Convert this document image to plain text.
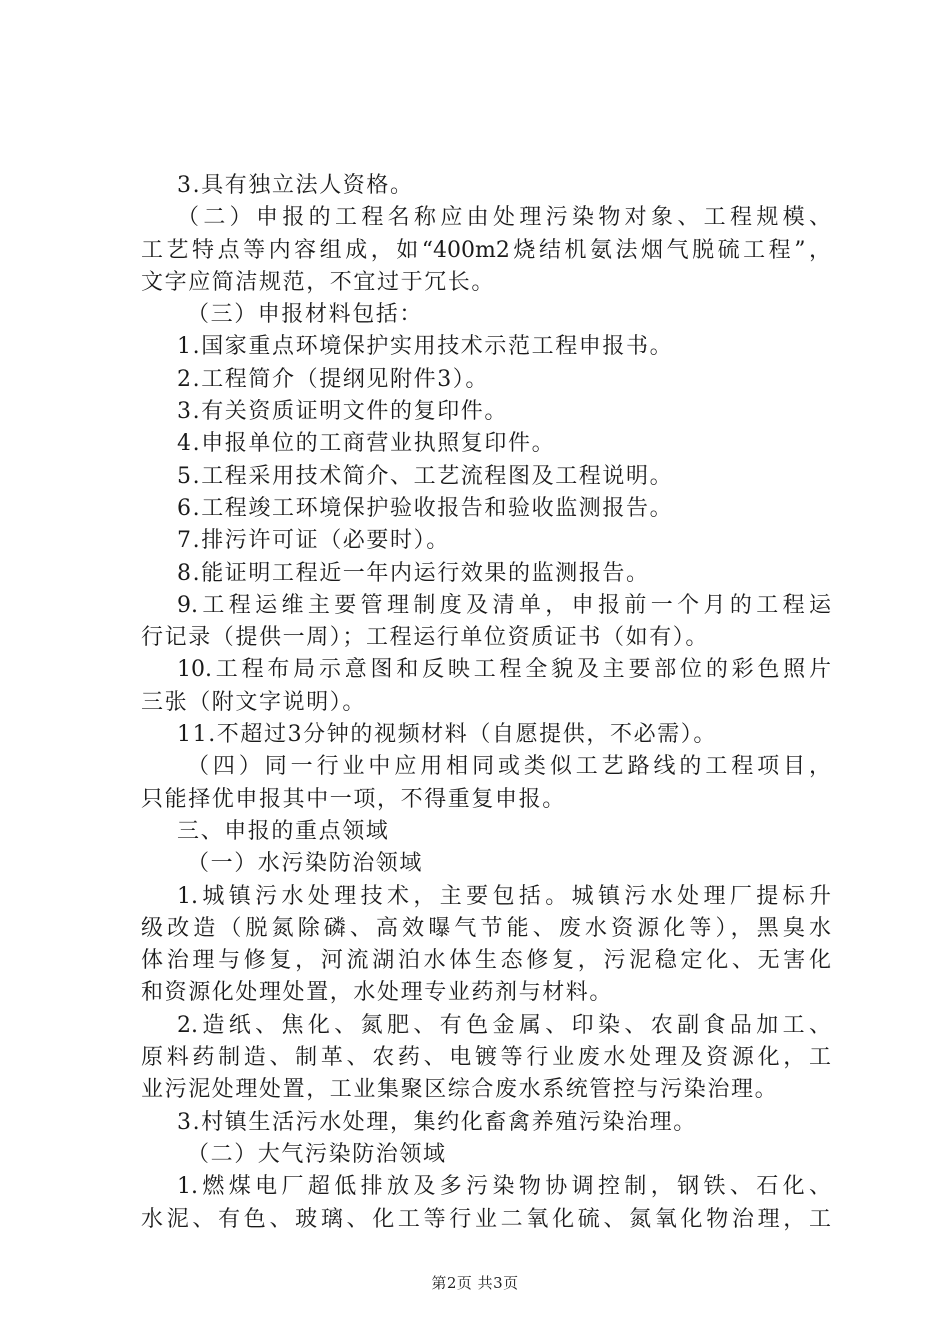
3.具有独立法人资格。
（二）申报的工程名称应由处理污染物对象、工程规模、
工艺特点等内容组成，如“400m2烧结机氨法烟气脱硫工程”，
文字应简洁规范，不宜过于冗长。
（三）申报材料包括：
1.国家重点环境保护实用技术示范工程申报书。
2.工程简介（提纲见附件3）。
3.有关资质证明文件的复印件。
4.申报单位的工商营业执照复印件。
5.工程采用技术简介、工艺流程图及工程说明。
6.工程竣工环境保护验收报告和验收监测报告。
7.排污许可证（必要时）。
8.能证明工程近一年内运行效果的监测报告。
9.工程运维主要管理制度及清单，申报前一个月的工程运
行记录（提供一周）；工程运行单位资质证书（如有）。
10.工程布局示意图和反映工程全貌及主要部位的彩色照片
三张（附文字说明）。
11.不超过3分钟的视频材料（自愿提供，不必需）。
（四）同一行业中应用相同或类似工艺路线的工程项目，
只能择优申报其中一项，不得重复申报。
三、申报的重点领域
（一）水污染防治领域
1.城镇污水处理技术，主要包括。城镇污水处理厂提标升
级改造（脱氮除磷、高效曝气节能、废水资源化等），黑臭水
体治理与修复，河流湖泊水体生态修复，污泥稳定化、无害化
和资源化处理处置，水处理专业药剂与材料。
2.造纸、焦化、氮肥、有色金属、印染、农副食品加工、
原料药制造、制革、农药、电镀等行业废水处理及资源化，工
业污泥处理处置，工业集聚区综合废水系统管控与污染治理。
3.村镇生活污水处理，集约化畜禽养殖污染治理。
（二）大气污染防治领域
1.燃煤电厂超低排放及多污染物协调控制，钢铁、石化、
水泥、有色、玻璃、化工等行业二氧化硫、氮氧化物治理，工
第2页 共3页
